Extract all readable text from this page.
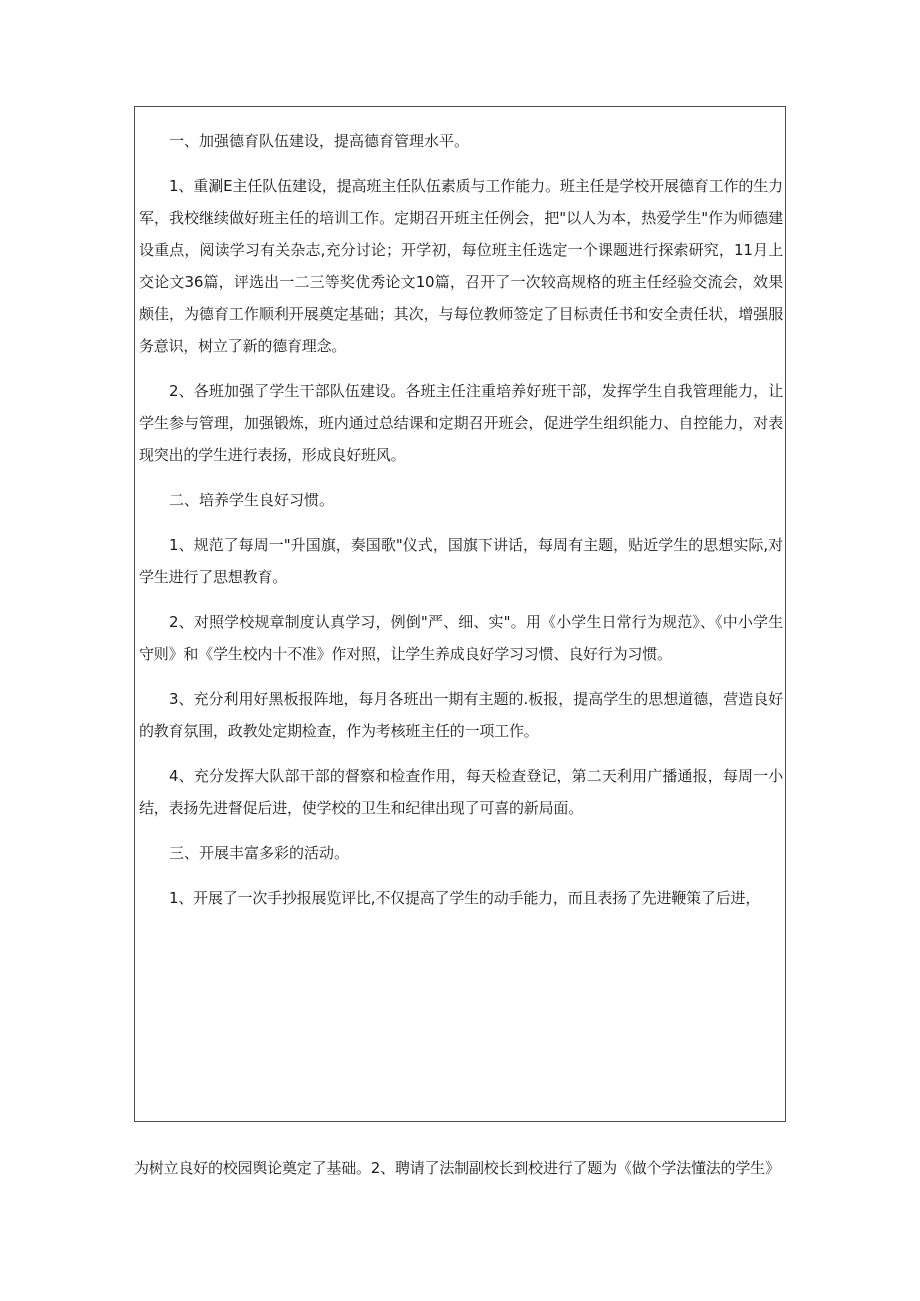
一、加强德育队伍建设，提高德育管理水平。

1、重涮E主任队伍建设，提高班主任队伍素质与工作能力。班主任是学校开展德育工作的生力军，我校继续做好班主任的培训工作。定期召开班主任例会，把"以人为本，热爱学生"作为师德建设重点，阅读学习有关杂志,充分讨论；开学初，每位班主任选定一个课题进行探索研究，11月上交论文36篇，评选出一二三等奖优秀论文10篇，召开了一次较高规格的班主任经验交流会，效果颇佳，为德育工作顺利开展奠定基础；其次，与每位教师签定了目标责任书和安全责任状，增强服务意识，树立了新的德育理念。

2、各班加强了学生干部队伍建设。各班主任注重培养好班干部，发挥学生自我管理能力，让学生参与管理，加强锻炼，班内通过总结课和定期召开班会，促进学生组织能力、自控能力，对表现突出的学生进行表扬，形成良好班风。

二、培养学生良好习惯。

1、规范了每周一"升国旗，奏国歌"仪式，国旗下讲话，每周有主题，贴近学生的思想实际,对学生进行了思想教育。

2、对照学校规章制度认真学习，例倒"严、细、实"。用《小学生日常行为规范》、《中小学生守则》和《学生校内十不准》作对照，让学生养成良好学习习惯、良好行为习惯。

3、充分利用好黑板报阵地，每月各班出一期有主题的.板报，提高学生的思想道德，营造良好的教育氛围，政教处定期检查，作为考核班主任的一项工作。

4、充分发挥大队部干部的督察和检查作用，每天检查登记，第二天利用广播通报，每周一小结，表扬先进督促后进，使学校的卫生和纪律出现了可喜的新局面。

三、开展丰富多彩的活动。

1、开展了一次手抄报展览评比,不仅提高了学生的动手能力，而且表扬了先进鞭策了后进，

为树立良好的校园舆论奠定了基础。2、聘请了法制副校长到校进行了题为《做个学法懂法的学生》
